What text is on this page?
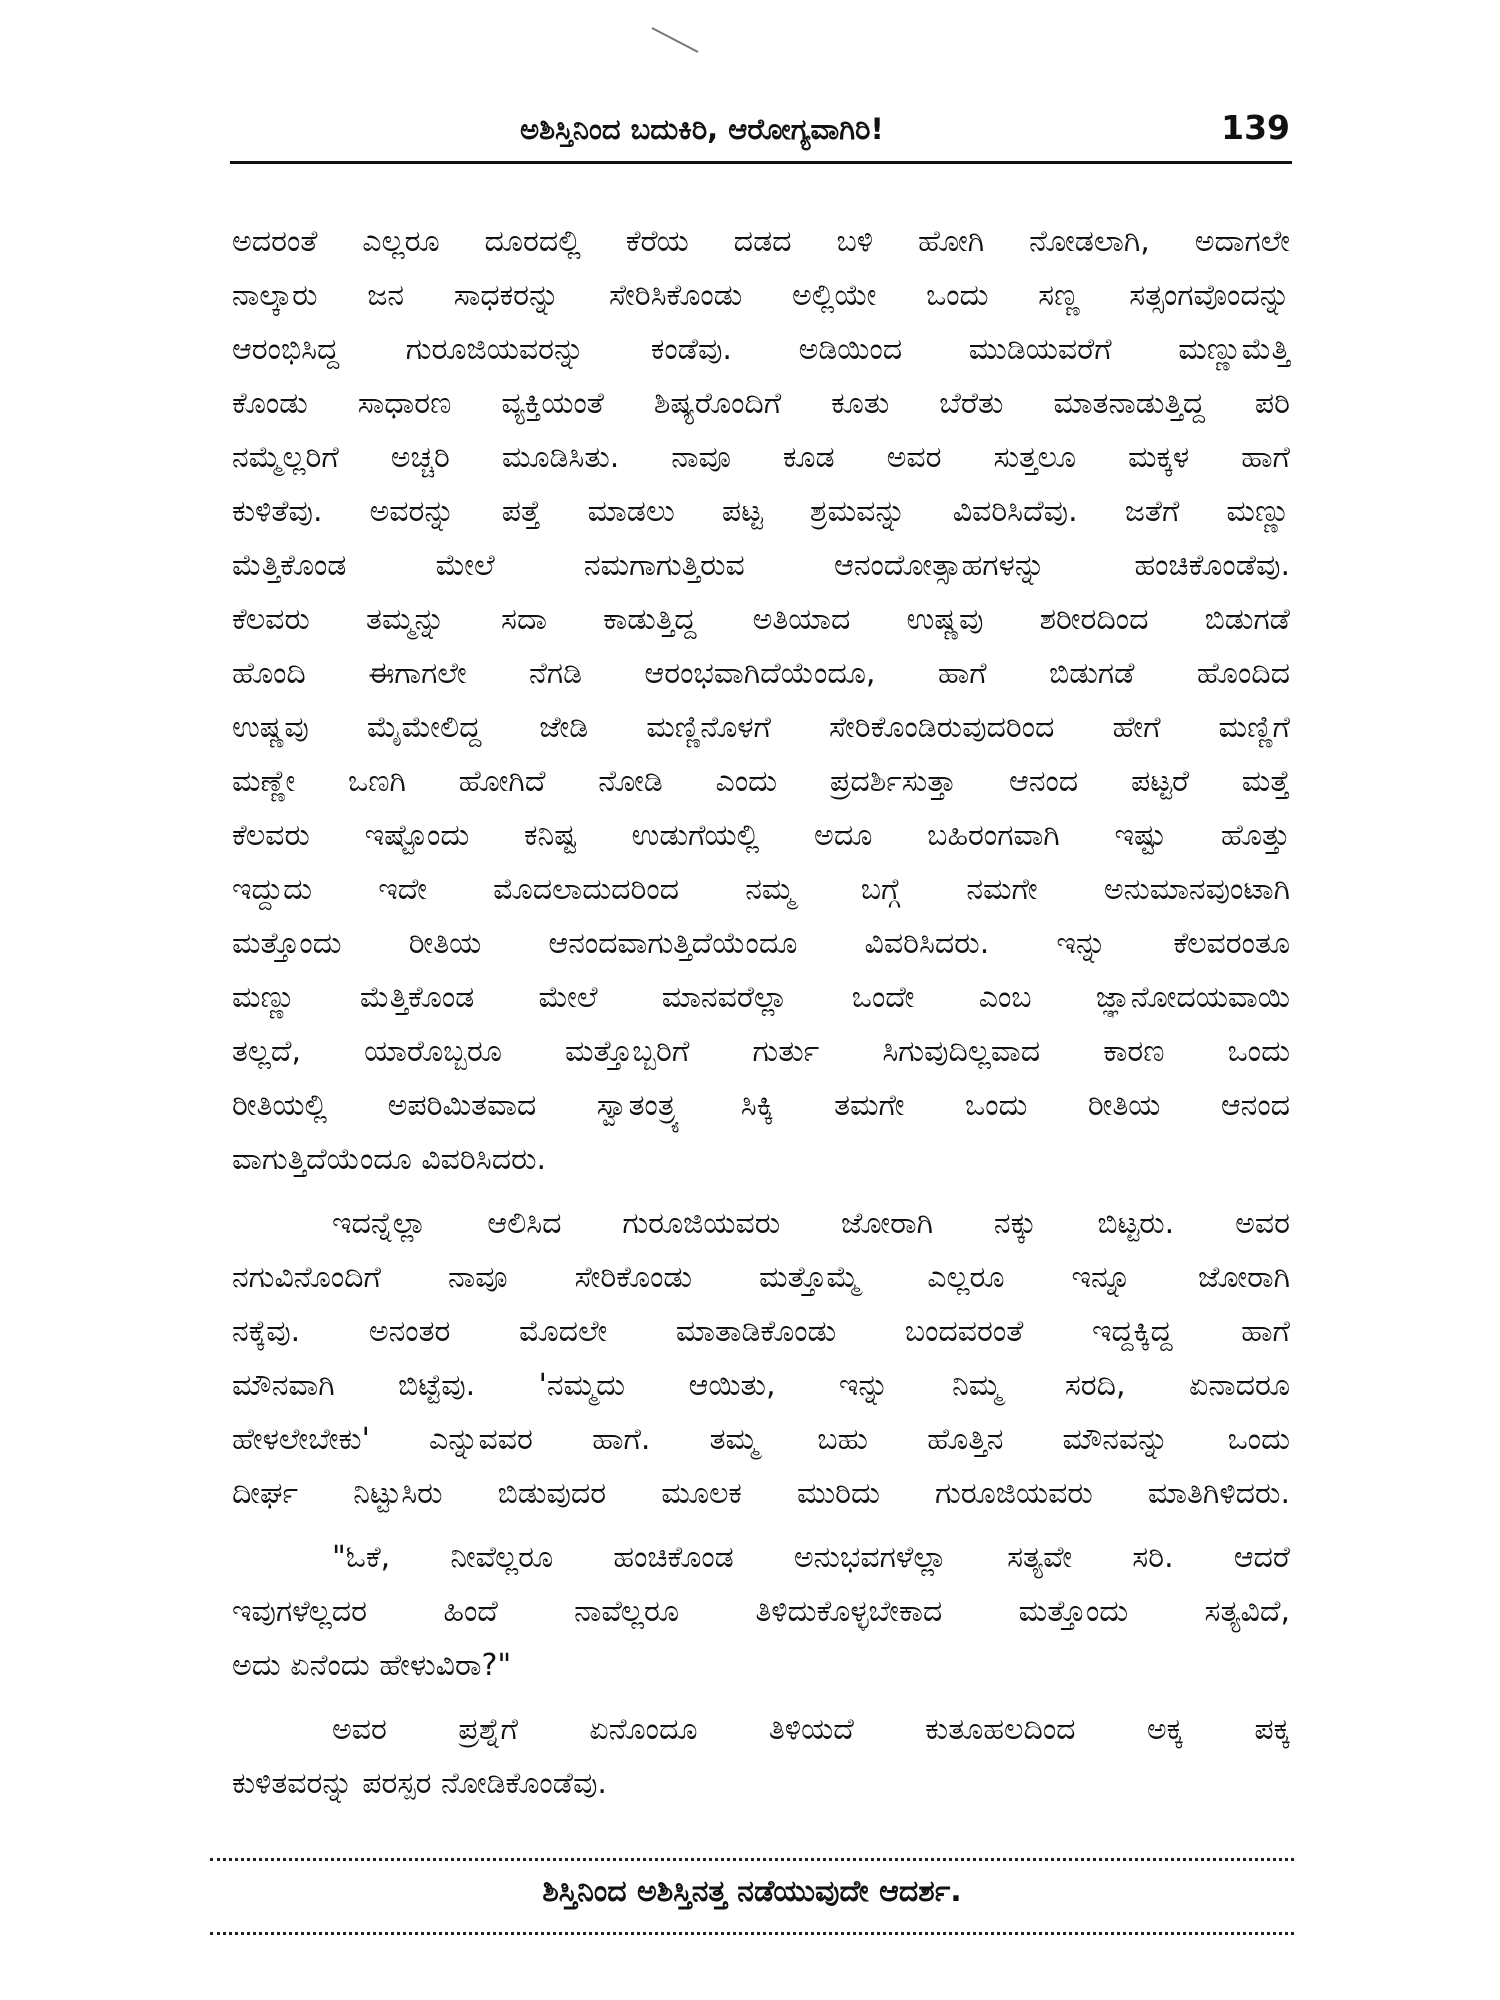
ಅಶಿಸ್ತಿನಿಂದ ಬದುಕಿರಿ, ಆರೋಗ್ಯವಾಗಿರಿ!	139
ಅದರಂತೆ ಎಲ್ಲರೂ ದೂರದಲ್ಲಿ ಕೆರೆಯ ದಡದ ಬಳಿ ಹೋಗಿ ನೋಡಲಾಗಿ, ಅದಾಗಲೇ
ನಾಲ್ಕಾರು ಜನ ಸಾಧಕರನ್ನು ಸೇರಿಸಿಕೊಂಡು ಅಲ್ಲಿಯೇ ಒಂದು ಸಣ್ಣ ಸತ್ಸಂಗವೊಂದನ್ನು
ಆರಂಭಿಸಿದ್ದ ಗುರೂಜಿಯವರನ್ನು ಕಂಡೆವು. ಅಡಿಯಿಂದ ಮುಡಿಯವರೆಗೆ ಮಣ್ಣುಮೆತ್ತಿ
ಕೊಂಡು ಸಾಧಾರಣ ವ್ಯಕ್ತಿಯಂತೆ ಶಿಷ್ಯರೊಂದಿಗೆ ಕೂತು ಬೆರೆತು ಮಾತನಾಡುತ್ತಿದ್ದ ಪರಿ
ನಮ್ಮೆಲ್ಲರಿಗೆ ಅಚ್ಚರಿ ಮೂಡಿಸಿತು. ನಾವೂ ಕೂಡ ಅವರ ಸುತ್ತಲೂ ಮಕ್ಕಳ ಹಾಗೆ
ಕುಳಿತೆವು. ಅವರನ್ನು ಪತ್ತೆ ಮಾಡಲು ಪಟ್ಟ ಶ್ರಮವನ್ನು ವಿವರಿಸಿದೆವು. ಜತೆಗೆ ಮಣ್ಣು
ಮೆತ್ತಿಕೊಂಡ ಮೇಲೆ ನಮಗಾಗುತ್ತಿರುವ ಆನಂದೋತ್ಸಾಹಗಳನ್ನು ಹಂಚಿಕೊಂಡೆವು.
ಕೆಲವರು ತಮ್ಮನ್ನು ಸದಾ ಕಾಡುತ್ತಿದ್ದ ಅತಿಯಾದ ಉಷ್ಣವು ಶರೀರದಿಂದ ಬಿಡುಗಡೆ
ಹೊಂದಿ ಈಗಾಗಲೇ ನೆಗಡಿ ಆರಂಭವಾಗಿದೆಯೆಂದೂ, ಹಾಗೆ ಬಿಡುಗಡೆ ಹೊಂದಿದ
ಉಷ್ಣವು ಮೈಮೇಲಿದ್ದ ಜೇಡಿ ಮಣ್ಣಿನೊಳಗೆ ಸೇರಿಕೊಂಡಿರುವುದರಿಂದ ಹೇಗೆ ಮಣ್ಣಿಗೆ
ಮಣ್ಣೇ ಒಣಗಿ ಹೋಗಿದೆ ನೋಡಿ ಎಂದು ಪ್ರದರ್ಶಿಸುತ್ತಾ ಆನಂದ ಪಟ್ಟರೆ ಮತ್ತೆ
ಕೆಲವರು ಇಷ್ಟೊಂದು ಕನಿಷ್ಟ ಉಡುಗೆಯಲ್ಲಿ ಅದೂ ಬಹಿರಂಗವಾಗಿ ಇಷ್ಟು ಹೊತ್ತು
ಇದ್ದುದು ಇದೇ ಮೊದಲಾದುದರಿಂದ ನಮ್ಮ ಬಗ್ಗೆ ನಮಗೇ ಅನುಮಾನವುಂಟಾಗಿ
ಮತ್ತೊಂದು ರೀತಿಯ ಆನಂದವಾಗುತ್ತಿದೆಯೆಂದೂ ವಿವರಿಸಿದರು. ಇನ್ನು ಕೆಲವರಂತೂ
ಮಣ್ಣು ಮೆತ್ತಿಕೊಂಡ ಮೇಲೆ ಮಾನವರೆಲ್ಲಾ ಒಂದೇ ಎಂಬ ಜ್ಞಾನೋದಯವಾಯಿ
ತಲ್ಲದೆ, ಯಾರೊಬ್ಬರೂ ಮತ್ತೊಬ್ಬರಿಗೆ ಗುರ್ತು ಸಿಗುವುದಿಲ್ಲವಾದ ಕಾರಣ ಒಂದು
ರೀತಿಯಲ್ಲಿ ಅಪರಿಮಿತವಾದ ಸ್ವಾತಂತ್ರ್ಯ ಸಿಕ್ಕಿ ತಮಗೇ ಒಂದು ರೀತಿಯ ಆನಂದ
ವಾಗುತ್ತಿದೆಯೆಂದೂ ವಿವರಿಸಿದರು.
ಇದನ್ನೆಲ್ಲಾ ಆಲಿಸಿದ ಗುರೂಜಿಯವರು ಜೋರಾಗಿ ನಕ್ಕು ಬಿಟ್ಟರು. ಅವರ
ನಗುವಿನೊಂದಿಗೆ ನಾವೂ ಸೇರಿಕೊಂಡು ಮತ್ತೊಮ್ಮೆ ಎಲ್ಲರೂ ಇನ್ನೂ ಜೋರಾಗಿ
ನಕ್ಕೆವು. ಅನಂತರ ಮೊದಲೇ ಮಾತಾಡಿಕೊಂಡು ಬಂದವರಂತೆ ಇದ್ದಕ್ಕಿದ್ದ ಹಾಗೆ
ಮೌನವಾಗಿ ಬಿಟ್ಟೆವು. 'ನಮ್ಮದು ಆಯಿತು, ಇನ್ನು ನಿಮ್ಮ ಸರದಿ, ಏನಾದರೂ
ಹೇಳಲೇಬೇಕು' ಎನ್ನುವವರ ಹಾಗೆ. ತಮ್ಮ ಬಹು ಹೊತ್ತಿನ ಮೌನವನ್ನು ಒಂದು
ದೀರ್ಘ ನಿಟ್ಟುಸಿರು ಬಿಡುವುದರ ಮೂಲಕ ಮುರಿದು ಗುರೂಜಿಯವರು ಮಾತಿಗಿಳಿದರು.
"ಓಕೆ, ನೀವೆಲ್ಲರೂ ಹಂಚಿಕೊಂಡ ಅನುಭವಗಳೆಲ್ಲಾ ಸತ್ಯವೇ ಸರಿ. ಆದರೆ
ಇವುಗಳೆಲ್ಲದರ ಹಿಂದೆ ನಾವೆಲ್ಲರೂ ತಿಳಿದುಕೊಳ್ಳಬೇಕಾದ ಮತ್ತೊಂದು ಸತ್ಯವಿದೆ,
ಅದು ಏನೆಂದು ಹೇಳುವಿರಾ?"
ಅವರ ಪ್ರಶ್ನೆಗೆ ಏನೊಂದೂ ತಿಳಿಯದೆ ಕುತೂಹಲದಿಂದ ಅಕ್ಕ ಪಕ್ಕ
ಕುಳಿತವರನ್ನು ಪರಸ್ಪರ ನೋಡಿಕೊಂಡೆವು.
ಶಿಸ್ತಿನಿಂದ ಅಶಿಸ್ತಿನತ್ತ ನಡೆಯುವುದೇ ಆದರ್ಶ.
